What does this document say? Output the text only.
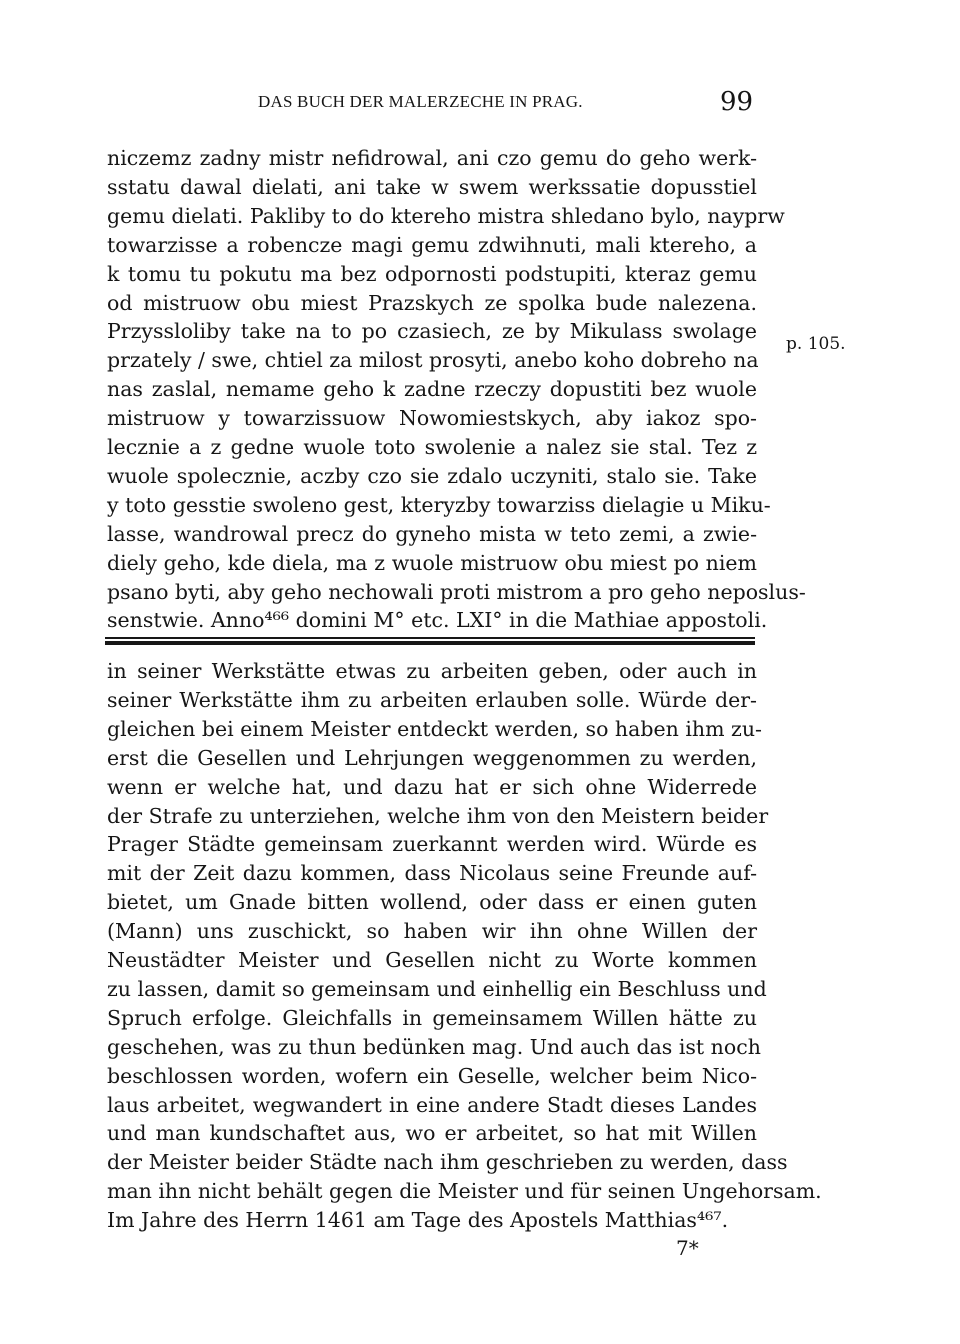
DAS BUCH DER MALERZECHE IN PRAG.	99
niczemz zadny mistr nefidrowal, ani czo gemu do geho werk-
sstatu dawal dielati, ani take w swem werkssatie dopusstiel
gemu dielati. Pakliby to do ktereho mistra shledano bylo, nayprw
towarzisse a robencze magi gemu zdwihnuti, mali ktereho, a
k tomu tu pokutu ma bez odpornosti podstupiti, kteraz gemu
od mistruow obu miest Prazskych ze spolka bude nalezena.
Przyssloliby take na to po czasiech, ze by Mikulass swolage
przately / swe, chtiel za milost prosyti, anebo koho dobreho na
nas zaslal, nemame geho k zadne rzeczy dopustiti bez wuole
mistruow y towarzissuow Nowomiestskych, aby iakoz spo-
lecznie a z gedne wuole toto swolenie a nalez sie stal. Tez z
wuole spolecznie, aczby czo sie zdalo uczyniti, stalo sie. Take
y toto gesstie swoleno gest, kteryzby towarziss dielagie u Miku-
lasse, wandrowal precz do gyneho mista w teto zemi, a zwie-
diely geho, kde diela, ma z wuole mistruow obu miest po niem
psano byti, aby geho nechowali proti mistrom a pro geho neposlus-
senstwie. Anno⁴⁶⁶ domini M° etc. LXI° in die Mathiae appostoli.
p. 105.
in seiner Werkstätte etwas zu arbeiten geben, oder auch in
seiner Werkstätte ihm zu arbeiten erlauben solle. Würde der-
gleichen bei einem Meister entdeckt werden, so haben ihm zu-
erst die Gesellen und Lehrjungen weggenommen zu werden,
wenn er welche hat, und dazu hat er sich ohne Widerrede
der Strafe zu unterziehen, welche ihm von den Meistern beider
Prager Städte gemeinsam zuerkannt werden wird. Würde es
mit der Zeit dazu kommen, dass Nicolaus seine Freunde auf-
bietet, um Gnade bitten wollend, oder dass er einen guten
(Mann) uns zuschickt, so haben wir ihn ohne Willen der
Neustädter Meister und Gesellen nicht zu Worte kommen
zu lassen, damit so gemeinsam und einhellig ein Beschluss und
Spruch erfolge. Gleichfalls in gemeinsamem Willen hätte zu
geschehen, was zu thun bedünken mag. Und auch das ist noch
beschlossen worden, wofern ein Geselle, welcher beim Nico-
laus arbeitet, wegwandert in eine andere Stadt dieses Landes
und man kundschaftet aus, wo er arbeitet, so hat mit Willen
der Meister beider Städte nach ihm geschrieben zu werden, dass
man ihn nicht behält gegen die Meister und für seinen Ungehorsam.
Im Jahre des Herrn 1461 am Tage des Apostels Matthias⁴⁶⁷.
7*
